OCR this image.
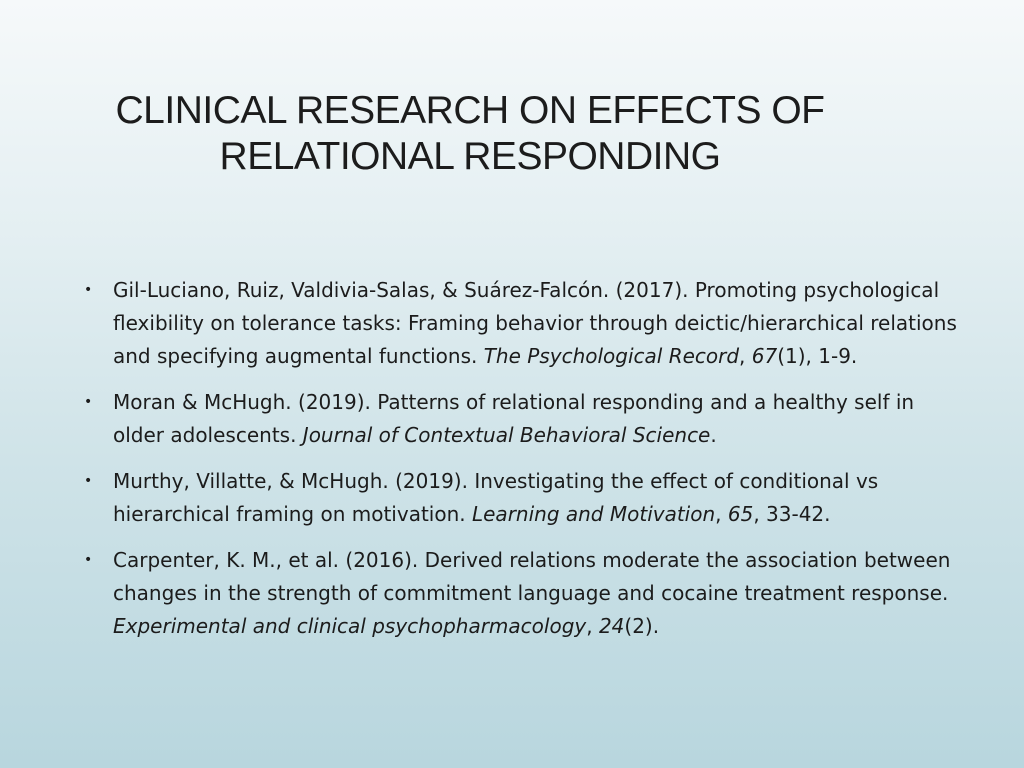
CLINICAL RESEARCH ON EFFECTS OF
RELATIONAL RESPONDING
• Gil-Luciano, Ruiz, Valdivia-Salas, & Suárez-Falcón. (2017). Promoting psychological flexibility on tolerance tasks: Framing behavior through deictic/hierarchical relations and specifying augmental functions. The Psychological Record, 67(1), 1-9.
• Moran & McHugh. (2019). Patterns of relational responding and a healthy self in older adolescents. Journal of Contextual Behavioral Science.
• Murthy, Villatte, & McHugh. (2019). Investigating the effect of conditional vs hierarchical framing on motivation. Learning and Motivation, 65, 33-42.
• Carpenter, K. M., et al. (2016). Derived relations moderate the association between changes in the strength of commitment language and cocaine treatment response. Experimental and clinical psychopharmacology, 24(2).
